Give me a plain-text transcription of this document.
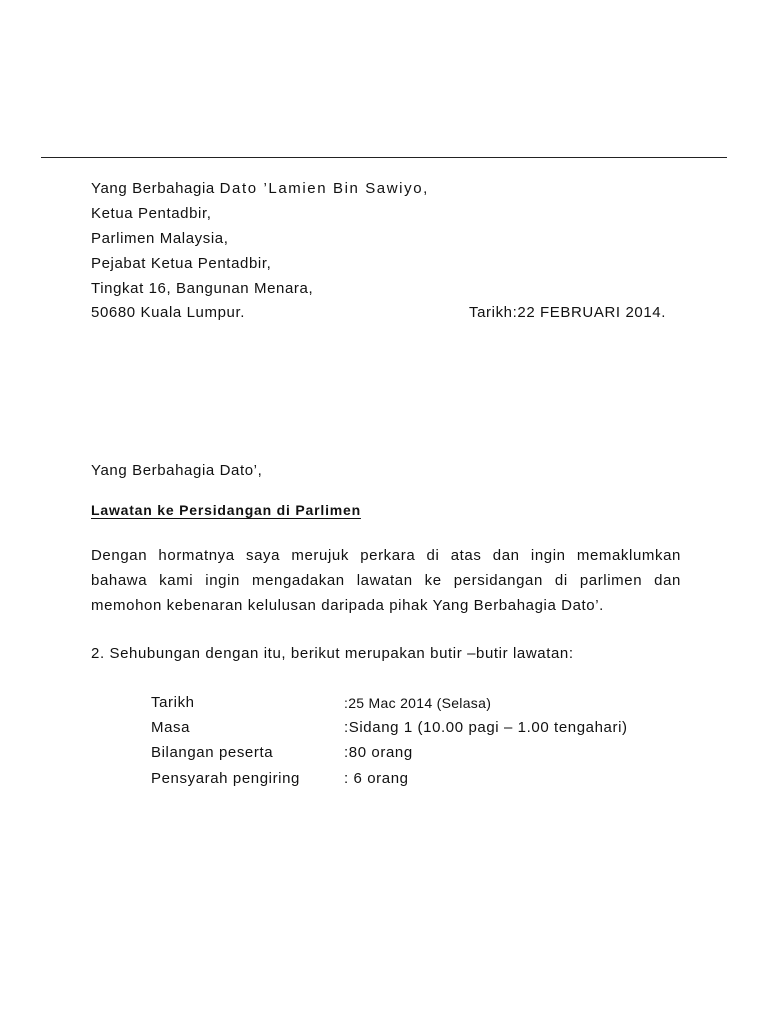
Yang Berbahagia Dato ’Lamien Bin Sawiyo,
Ketua Pentadbir,
Parlimen Malaysia,
Pejabat Ketua Pentadbir,
Tingkat 16, Bangunan Menara,
50680 Kuala Lumpur.	Tarikh:22 FEBRUARI 2014.
Yang Berbahagia Dato’,
Lawatan ke Persidangan di Parlimen
Dengan hormatnya saya merujuk perkara di atas dan ingin memaklumkan
bahawa kami ingin mengadakan lawatan ke persidangan di parlimen dan
memohon kebenaran kelulusan daripada pihak Yang Berbahagia Dato’.
2. Sehubungan dengan itu, berikut merupakan butir –butir lawatan:
Tarikh	:25 Mac 2014 (Selasa)
Masa	:Sidang 1 (10.00 pagi – 1.00 tengahari)
Bilangan peserta	:80 orang
Pensyarah pengiring	: 6 orang
